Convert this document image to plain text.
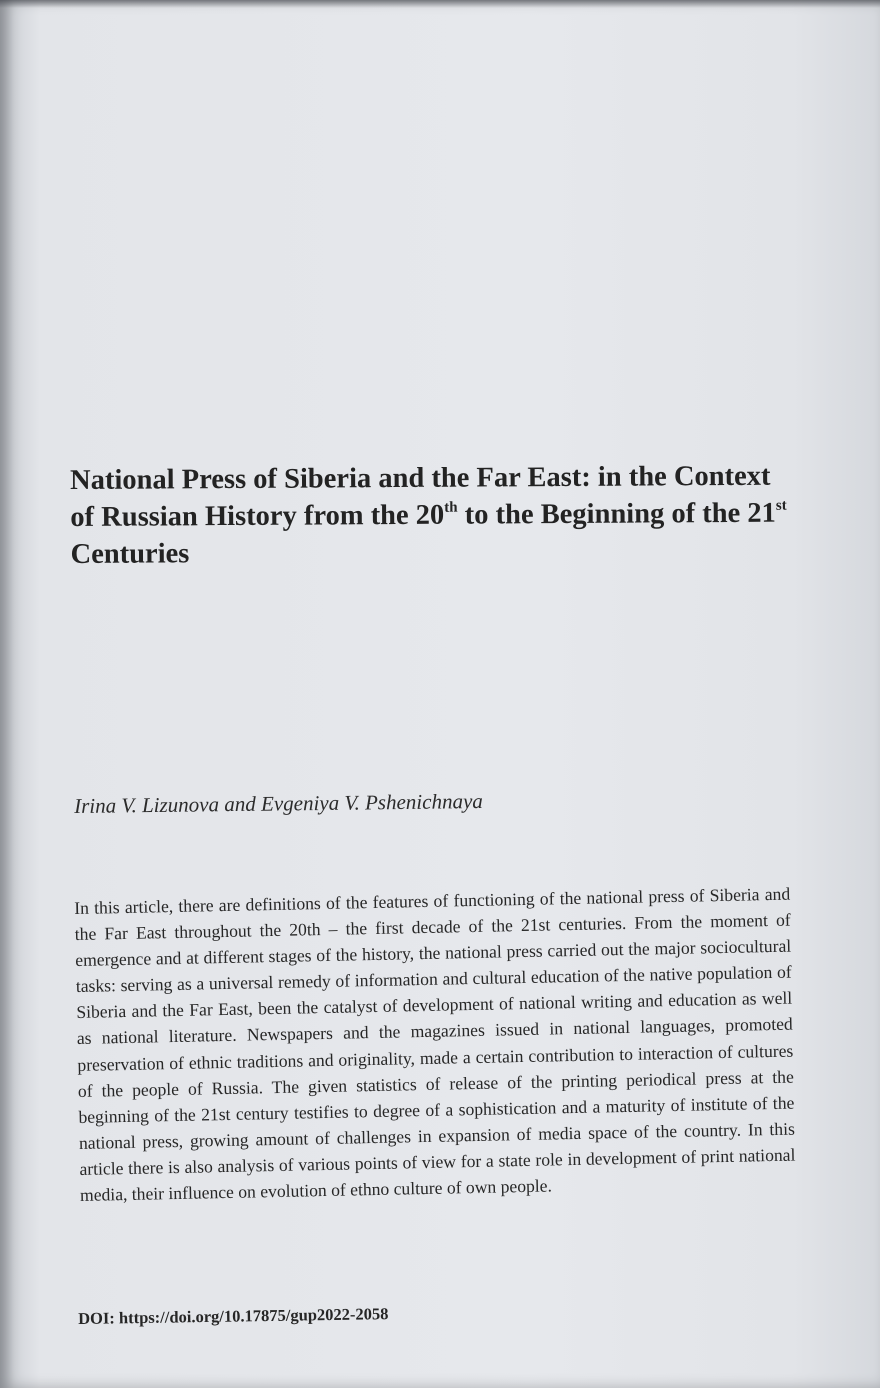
National Press of Siberia and the Far East: in the Context of Russian History from the 20th to the Beginning of the 21st Centuries

Irina V. Lizunova and Evgeniya V. Pshenichnaya

In this article, there are definitions of the features of functioning of the national press of Siberia and the Far East throughout the 20th – the first decade of the 21st centuries. From the moment of emergence and at different stages of the history, the national press carried out the major sociocultural tasks: serving as a universal remedy of information and cultural education of the native population of Siberia and the Far East, been the catalyst of development of national writing and education as well as national literature. Newspapers and the magazines issued in national languages, promoted preservation of ethnic traditions and originality, made a certain contribution to interaction of cultures of the people of Russia. The given statistics of release of the printing periodical press at the beginning of the 21st century testifies to degree of a sophistication and a maturity of institute of the national press, growing amount of challenges in expansion of media space of the country. In this article there is also analysis of various points of view for a state role in development of print national media, their influence on evolution of ethno culture of own people.

DOI: https://doi.org/10.17875/gup2022-2058
